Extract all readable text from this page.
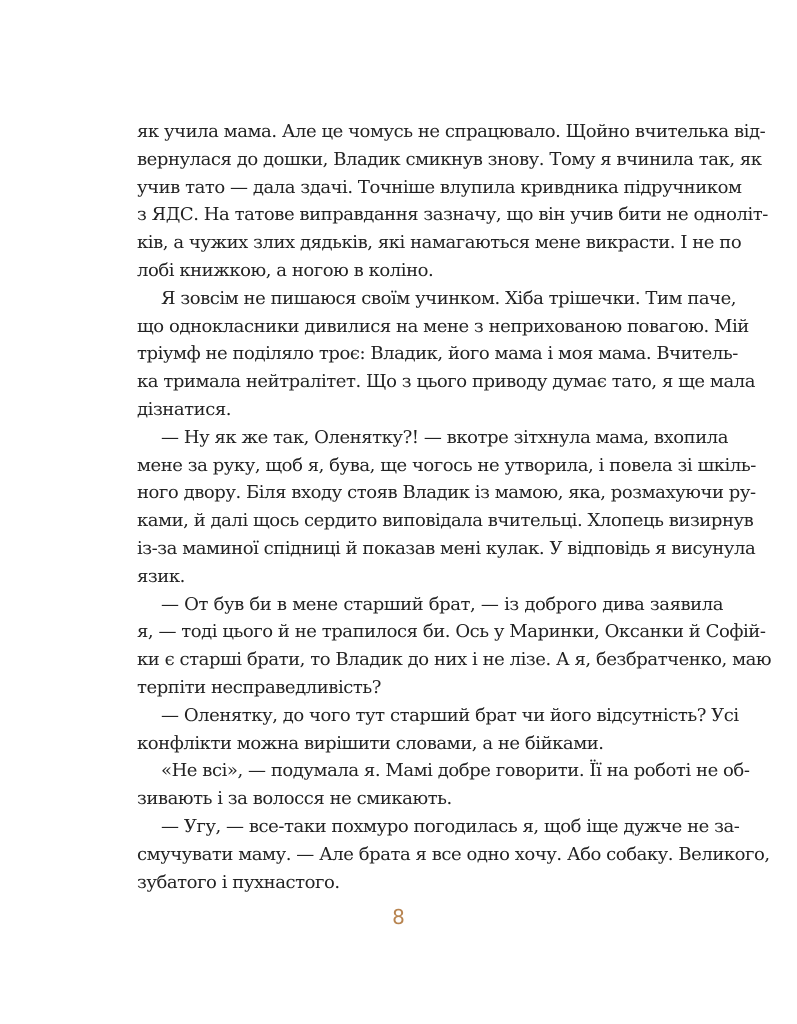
як учила мама. Але це чомусь не спрацювало. Щойно вчителька від-
вернулася до дошки, Владик смикнув знову. Тому я вчинила так, як
учив тато — дала здачі. Точніше влупила кривдника підручником
з ЯДС. На татове виправдання зазначу, що він учив бити не одноліт-
ків, а чужих злих дядьків, які намагаються мене викрасти. І не по
лобі книжкою, а ногою в коліно.
Я зовсім не пишаюся своїм учинком. Хіба трішечки. Тим паче,
що однокласники дивилися на мене з неприхованою повагою. Мій
тріумф не поділяло троє: Владик, його мама і моя мама. Вчитель-
ка тримала нейтралітет. Що з цього приводу думає тато, я ще мала
дізнатися.
— Ну як же так, Оленятку?! — вкотре зітхнула мама, вхопила
мене за руку, щоб я, бува, ще чогось не утворила, і повела зі шкіль-
ного двору. Біля входу стояв Владик із мамою, яка, розмахуючи ру-
ками, й далі щось сердито виповідала вчительці. Хлопець визирнув
із-за маминої спідниці й показав мені кулак. У відповідь я висунула
язик.
— От був би в мене старший брат, — із доброго дива заявила
я, — тоді цього й не трапилося би. Ось у Маринки, Оксанки й Софій-
ки є старші брати, то Владик до них і не лізе. А я, безбратченко, маю
терпіти несправедливість?
— Оленятку, до чого тут старший брат чи його відсутність? Усі
конфлікти можна вирішити словами, а не бійками.
«Не всі», — подумала я. Мамі добре говорити. Її на роботі не об-
зивають і за волосся не смикають.
— Угу, — все-таки похмуро погодилась я, щоб іще дужче не за-
смучувати маму. — Але брата я все одно хочу. Або собаку. Великого,
зубатого і пухнастого.
8
